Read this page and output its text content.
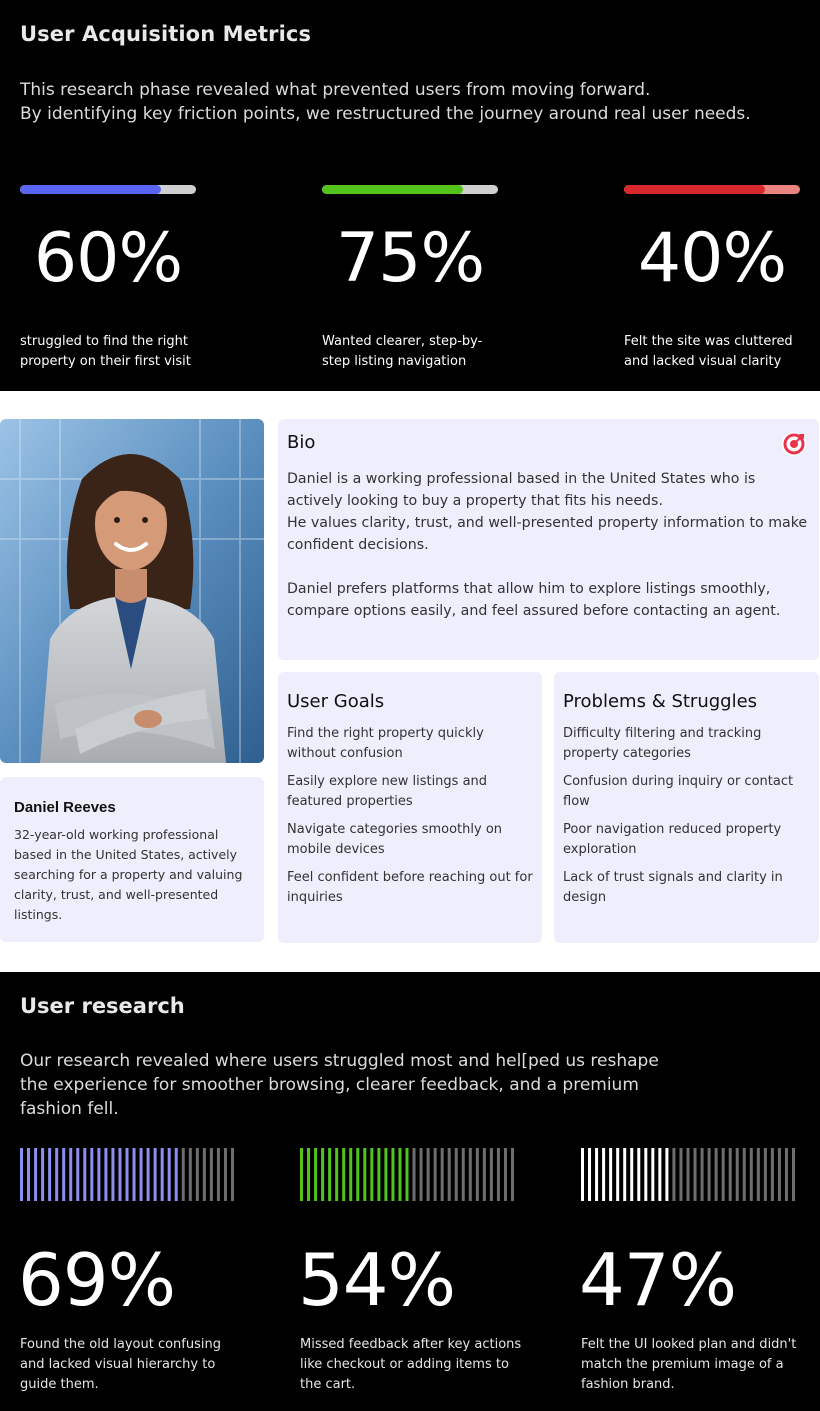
User Acquisition Metrics
This research phase revealed what prevented users from moving forward.
By identifying key friction points, we restructured the journey around real user needs.
60%
struggled to find the right
property on their first visit
75%
Wanted clearer, step-by-
step listing navigation
40%
Felt the site was cluttered
and lacked visual clarity
Daniel Reeves
32-year-old working professional based in the United States, actively searching for a property and valuing clarity, trust, and well-presented listings.
Bio

Daniel is a working professional based in the United States who is actively looking to buy a property that fits his needs.
He values clarity, trust, and well-presented property information to make confident decisions.

Daniel prefers platforms that allow him to explore listings smoothly, compare options easily, and feel assured before contacting an agent.

User Goals
Find the right property quickly without confusion
Easily explore new listings and featured properties
Navigate categories smoothly on mobile devices
Feel confident before reaching out for inquiries
Problems & Struggles
Difficulty filtering and tracking property categories
Confusion during inquiry or contact flow
Poor navigation reduced property exploration
Lack of trust signals and clarity in design
User research
Our research revealed where users struggled most and hel[ped us reshape the experience for smoother browsing, clearer feedback, and a premium fashion fell.
69%
Found the old layout confusing and lacked visual hierarchy to guide them.
54%
Missed feedback after key actions like checkout or adding items to the cart.
47%
Felt the UI looked plan and didn't match the premium image of a fashion brand.
